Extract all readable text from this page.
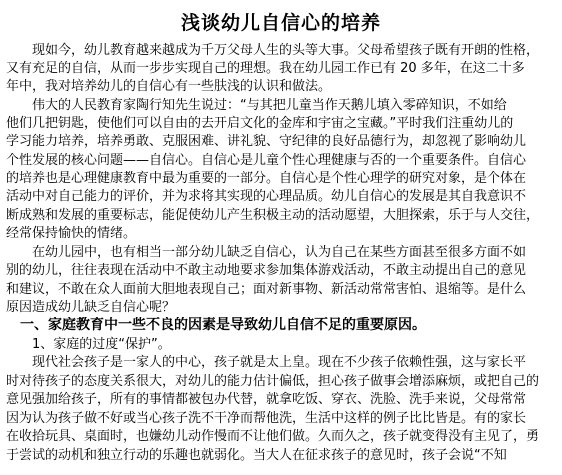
浅谈幼儿自信心的培养
　　现如今，幼儿教育越来越成为千万父母人生的头等大事。父母希望孩子既有开朗的性格，
又有充足的自信，从而一步步实现自己的理想。我在幼儿园工作已有 20 多年，在这二十多
年中，我对培养幼儿的自信心有一些肤浅的认识和做法。
　　伟大的人民教育家陶行知先生说过：“与其把儿童当作天鹅儿填入零碎知识，不如给
他们几把钥匙，使他们可以自由的去开启文化的金库和宇宙之宝藏。”平时我们注重幼儿的
学习能力培养，培养勇敢、克服困难、讲礼貌、守纪律的良好品德行为，却忽视了影响幼儿
个性发展的核心问题——自信心。自信心是儿童个性心理健康与否的一个重要条件。自信心
的培养也是心理健康教育中最为重要的一部分。自信心是个性心理学的研究对象，是个体在
活动中对自己能力的评价，并为求将其实现的心理品质。幼儿自信心的发展是其自我意识不
断成熟和发展的重要标志，能促使幼儿产生积极主动的活动愿望，大胆探索，乐于与人交往，
经常保持愉快的情绪。
　　在幼儿园中，也有相当一部分幼儿缺乏自信心，认为自己在某些方面甚至很多方面不如
别的幼儿，往往表现在活动中不敢主动地要求参加集体游戏活动，不敢主动提出自己的意见
和建议，不敢在众人面前大胆地表现自己；面对新事物、新活动常常害怕、退缩等。是什么
原因造成幼儿缺乏自信心呢？
　一、家庭教育中一些不良的因素是导致幼儿自信不足的重要原因。
　　1、家庭的过度“保护”。
　　现代社会孩子是一家人的中心，孩子就是太上皇。现在不少孩子依赖性强，这与家长平
时对待孩子的态度关系很大，对幼儿的能力估计偏低，担心孩子做事会增添麻烦，或把自己的
意见强加给孩子，所有的事情都被包办代替，就拿吃饭、穿衣、洗脸、洗手来说，父母常常
因为认为孩子做不好或当心孩子洗不干净而帮他洗，生活中这样的例子比比皆是。有的家长
在收拾玩具、桌面时，也嫌幼儿动作慢而不让他们做。久而久之，孩子就变得没有主见了，勇
于尝试的动机和独立行动的乐趣也就弱化。当大人在征求孩子的意见时，孩子会说“不知
